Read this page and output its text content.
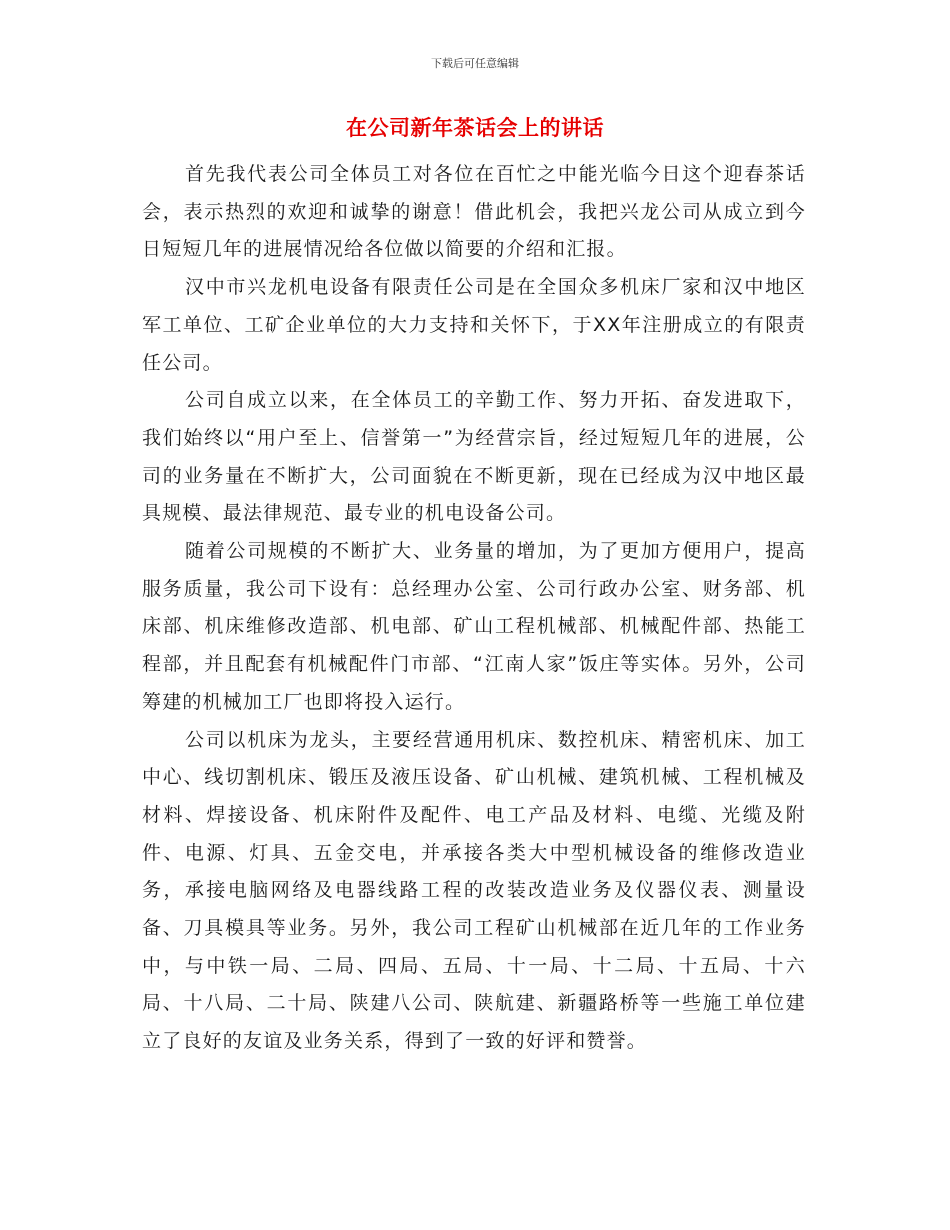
下载后可任意编辑
在公司新年茶话会上的讲话

首先我代表公司全体员工对各位在百忙之中能光临今日这个迎春茶话会，表示热烈的欢迎和诚挚的谢意！借此机会，我把兴龙公司从成立到今日短短几年的进展情况给各位做以简要的介绍和汇报。

汉中市兴龙机电设备有限责任公司是在全国众多机床厂家和汉中地区军工单位、工矿企业单位的大力支持和关怀下，于XX年注册成立的有限责任公司。

公司自成立以来，在全体员工的辛勤工作、努力开拓、奋发进取下，我们始终以“用户至上、信誉第一”为经营宗旨，经过短短几年的进展，公司的业务量在不断扩大，公司面貌在不断更新，现在已经成为汉中地区最具规模、最法律规范、最专业的机电设备公司。

随着公司规模的不断扩大、业务量的增加，为了更加方便用户，提高服务质量，我公司下设有：总经理办公室、公司行政办公室、财务部、机床部、机床维修改造部、机电部、矿山工程机械部、机械配件部、热能工程部，并且配套有机械配件门市部、“江南人家”饭庄等实体。另外，公司筹建的机械加工厂也即将投入运行。

公司以机床为龙头，主要经营通用机床、数控机床、精密机床、加工中心、线切割机床、锻压及液压设备、矿山机械、建筑机械、工程机械及材料、焊接设备、机床附件及配件、电工产品及材料、电缆、光缆及附件、电源、灯具、五金交电，并承接各类大中型机械设备的维修改造业务，承接电脑网络及电器线路工程的改装改造业务及仪器仪表、测量设备、刀具模具等业务。另外，我公司工程矿山机械部在近几年的工作业务中，与中铁一局、二局、四局、五局、十一局、十二局、十五局、十六局、十八局、二十局、陕建八公司、陕航建、新疆路桥等一些施工单位建立了良好的友谊及业务关系，得到了一致的好评和赞誉。
